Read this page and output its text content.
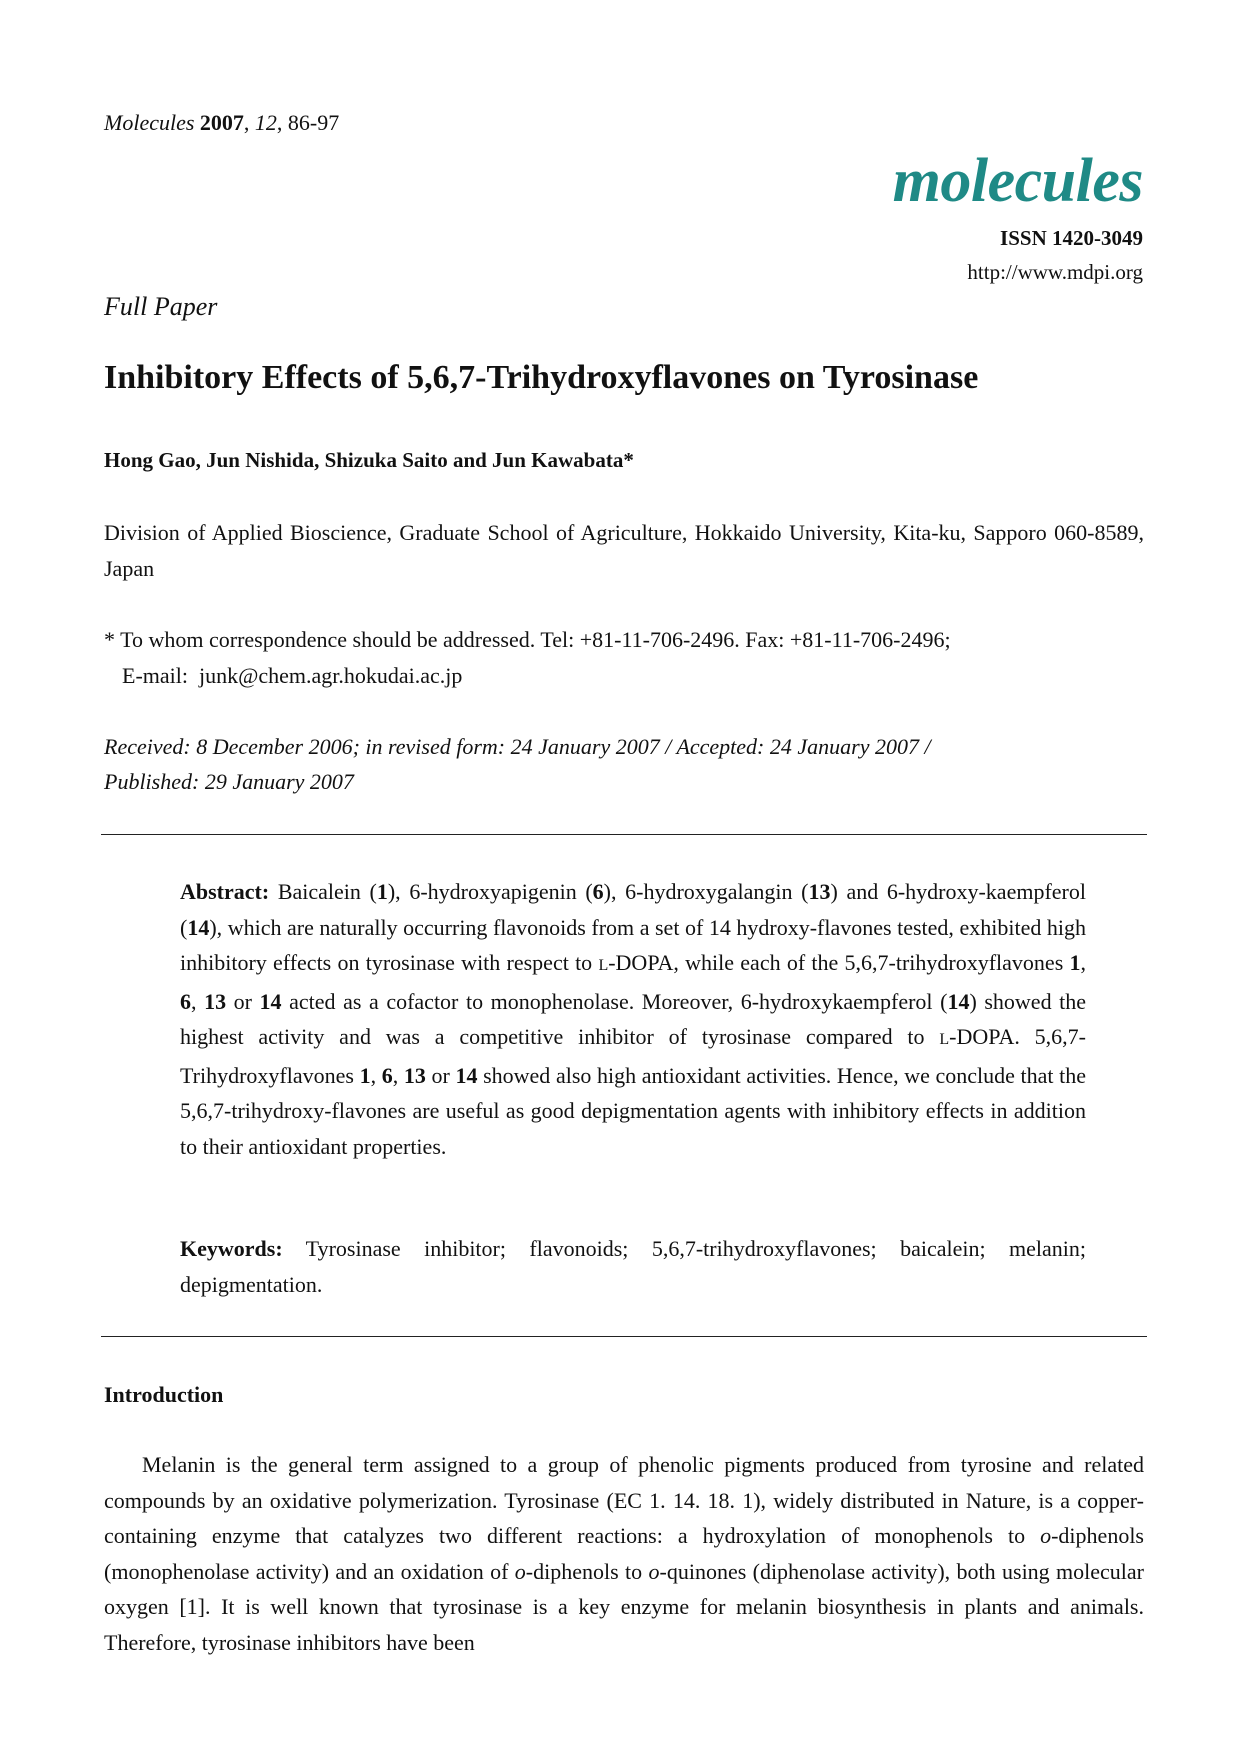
Molecules 2007, 12, 86-97
molecules
ISSN 1420-3049
http://www.mdpi.org
Full Paper
Inhibitory Effects of 5,6,7-Trihydroxyflavones on Tyrosinase
Hong Gao, Jun Nishida, Shizuka Saito and Jun Kawabata*
Division of Applied Bioscience, Graduate School of Agriculture, Hokkaido University, Kita-ku, Sapporo 060-8589, Japan
* To whom correspondence should be addressed. Tel: +81-11-706-2496. Fax: +81-11-706-2496;
E-mail: junk@chem.agr.hokudai.ac.jp
Received: 8 December 2006; in revised form: 24 January 2007 / Accepted: 24 January 2007 /
Published: 29 January 2007
Abstract: Baicalein (1), 6-hydroxyapigenin (6), 6-hydroxygalangin (13) and 6-hydroxy-kaempferol (14), which are naturally occurring flavonoids from a set of 14 hydroxy-flavones tested, exhibited high inhibitory effects on tyrosinase with respect to L-DOPA, while each of the 5,6,7-trihydroxyflavones 1, 6, 13 or 14 acted as a cofactor to monophenolase. Moreover, 6-hydroxykaempferol (14) showed the highest activity and was a competitive inhibitor of tyrosinase compared to L-DOPA. 5,6,7-Trihydroxyflavones 1, 6, 13 or 14 showed also high antioxidant activities. Hence, we conclude that the 5,6,7-trihydroxy-flavones are useful as good depigmentation agents with inhibitory effects in addition to their antioxidant properties.
Keywords: Tyrosinase inhibitor; flavonoids; 5,6,7-trihydroxyflavones; baicalein; melanin; depigmentation.
Introduction
Melanin is the general term assigned to a group of phenolic pigments produced from tyrosine and related compounds by an oxidative polymerization. Tyrosinase (EC 1. 14. 18. 1), widely distributed in Nature, is a copper-containing enzyme that catalyzes two different reactions: a hydroxylation of monophenols to o-diphenols (monophenolase activity) and an oxidation of o-diphenols to o-quinones (diphenolase activity), both using molecular oxygen [1]. It is well known that tyrosinase is a key enzyme for melanin biosynthesis in plants and animals. Therefore, tyrosinase inhibitors have been
